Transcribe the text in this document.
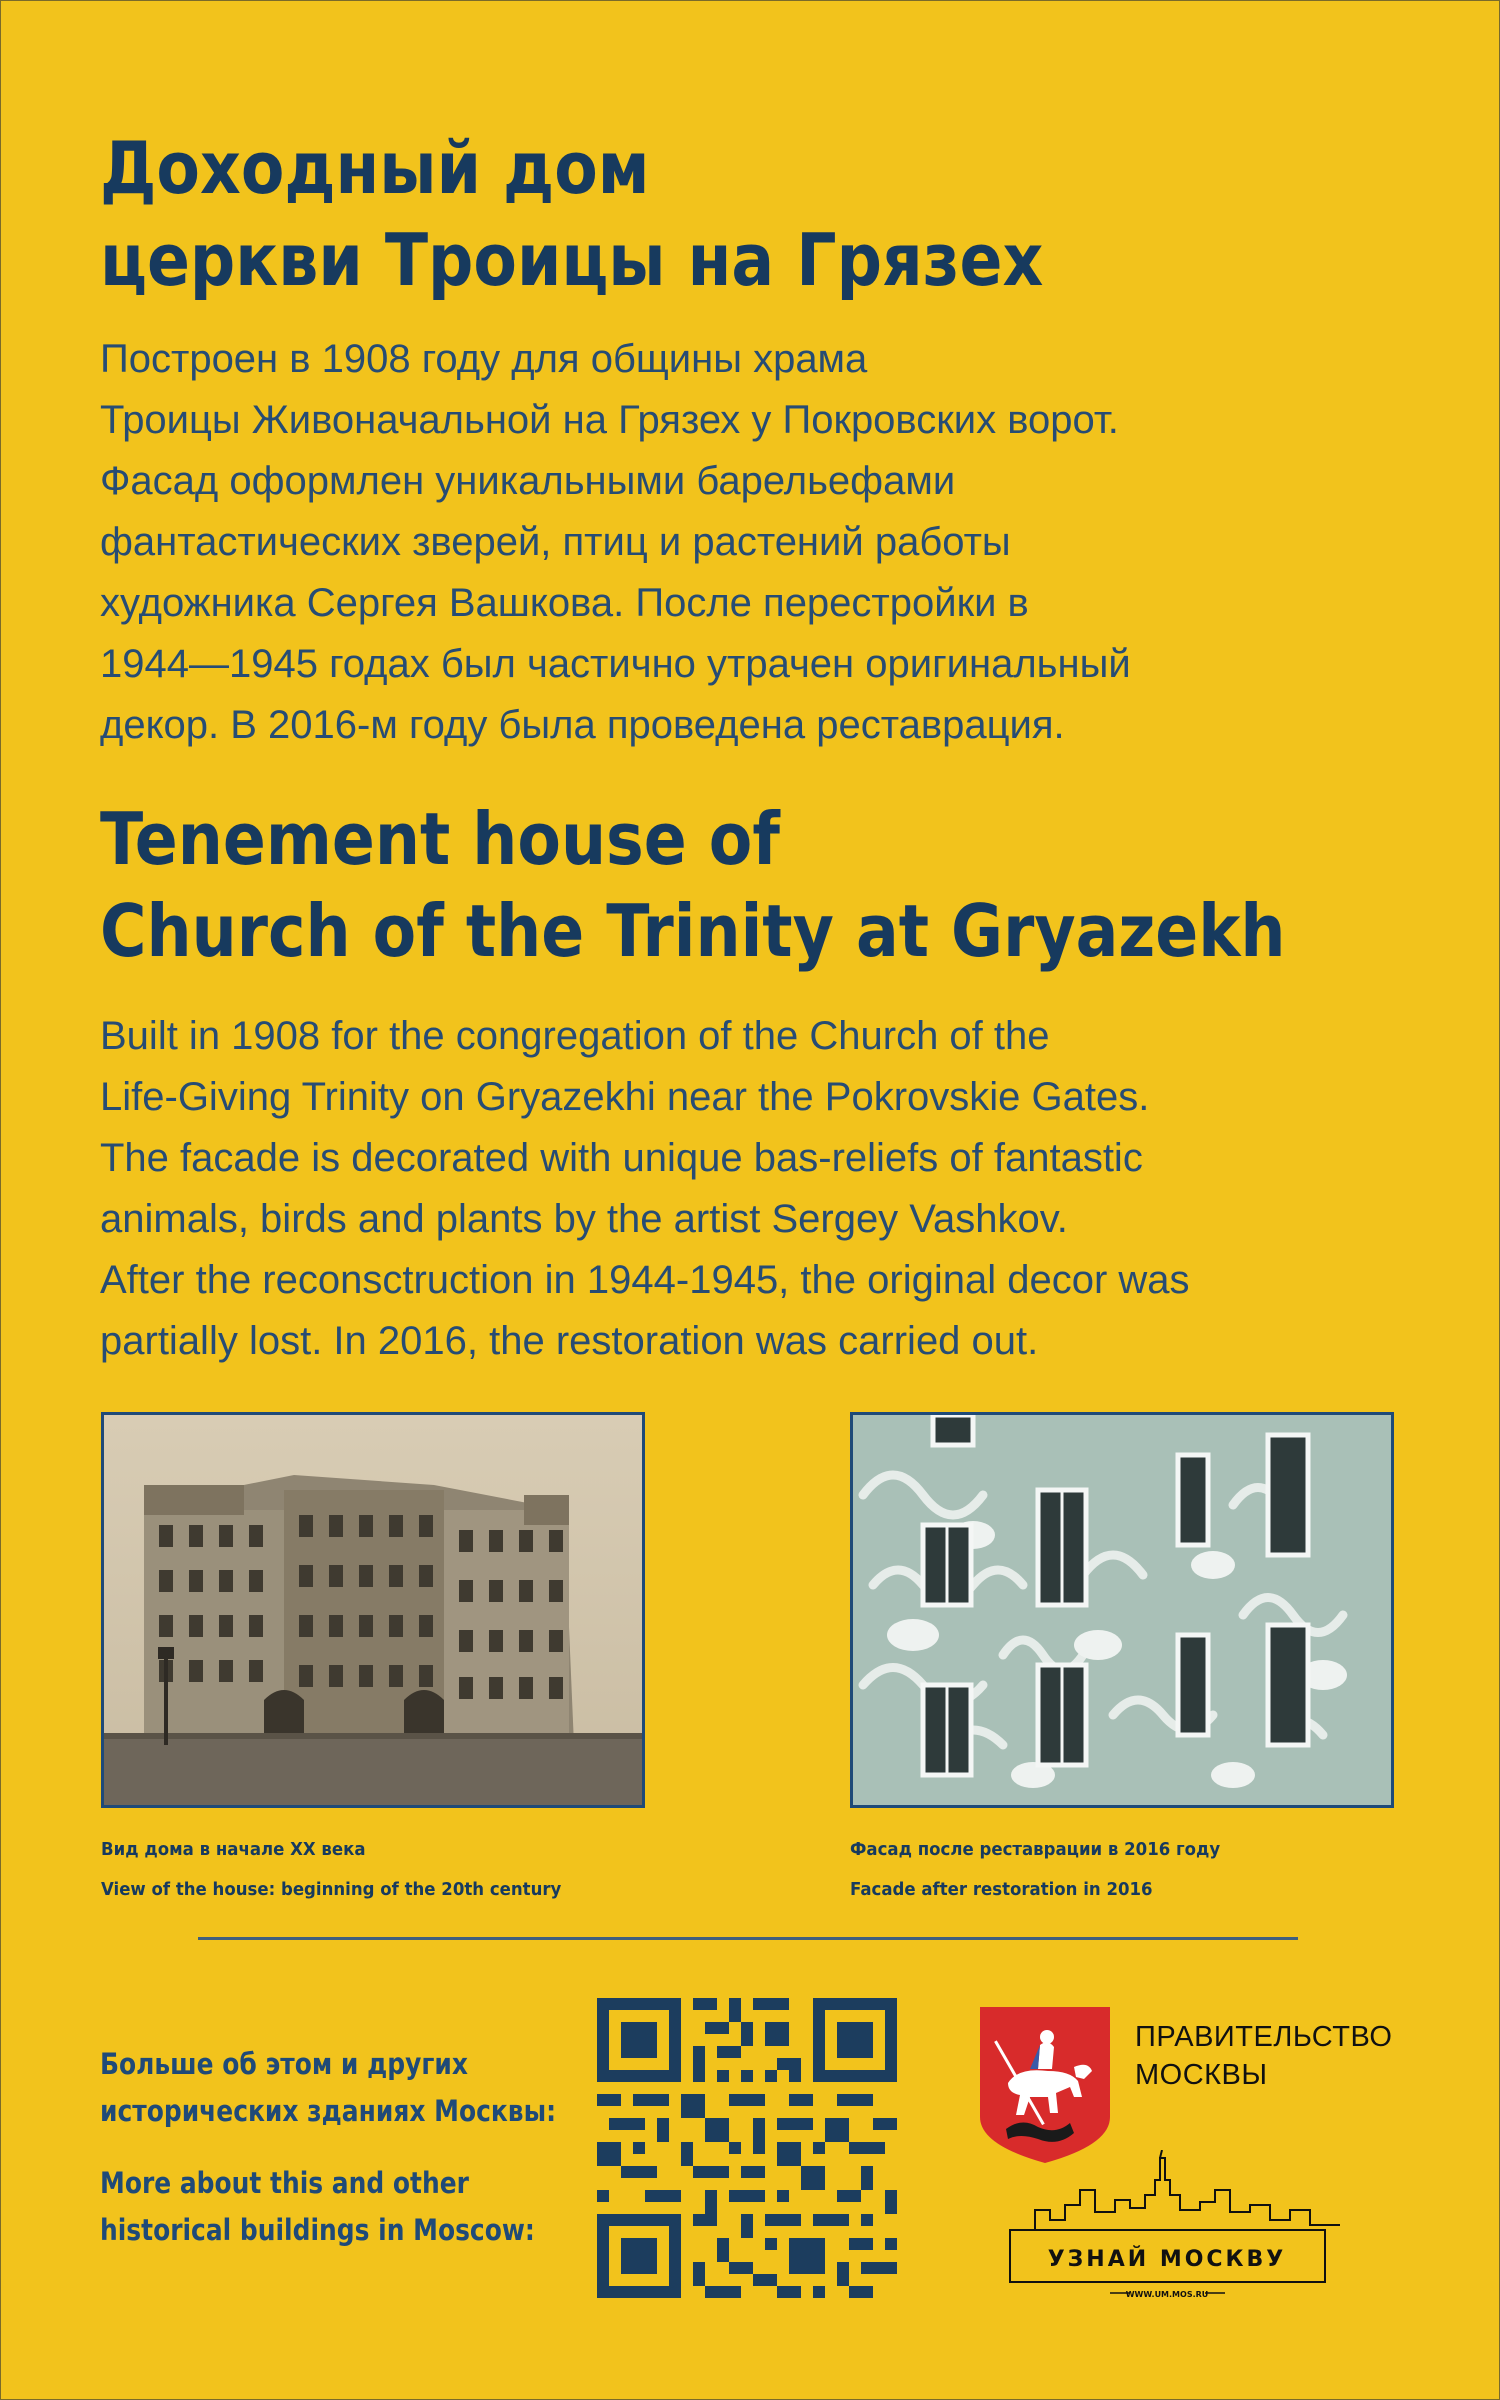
Доходный дом
церкви Троицы на Грязех
Построен в 1908 году для общины храма
Троицы Живоначальной на Грязех у Покровских ворот.
Фасад оформлен уникальными барельефами
фантастических зверей, птиц и растений работы
художника Сергея Вашкова. После перестройки в
1944—1945 годах был частично утрачен оригинальный
декор. В 2016-м году была проведена реставрация.
Tenement house of
Church of the Trinity at Gryazekh
Built in 1908 for the congregation of the Church of the
Life-Giving Trinity on Gryazekhi near the Pokrovskie Gates.
The facade is decorated with unique bas-reliefs of fantastic
animals, birds and plants by the artist Sergey Vashkov.
After the reconsctruction in 1944-1945, the original decor was
partially lost. In 2016, the restoration was carried out.
Вид дома в начале XX века
View of the house: beginning of the 20th century
Фасад после реставрации в 2016 году
Facade after restoration in 2016
Больше об этом и других
исторических зданиях Москвы:
More about this and other
historical buildings in Moscow:
ПРАВИТЕЛЬСТВО
МОСКВЫ
УЗНАЙ МОСКВУ
WWW.UM.MOS.RU
